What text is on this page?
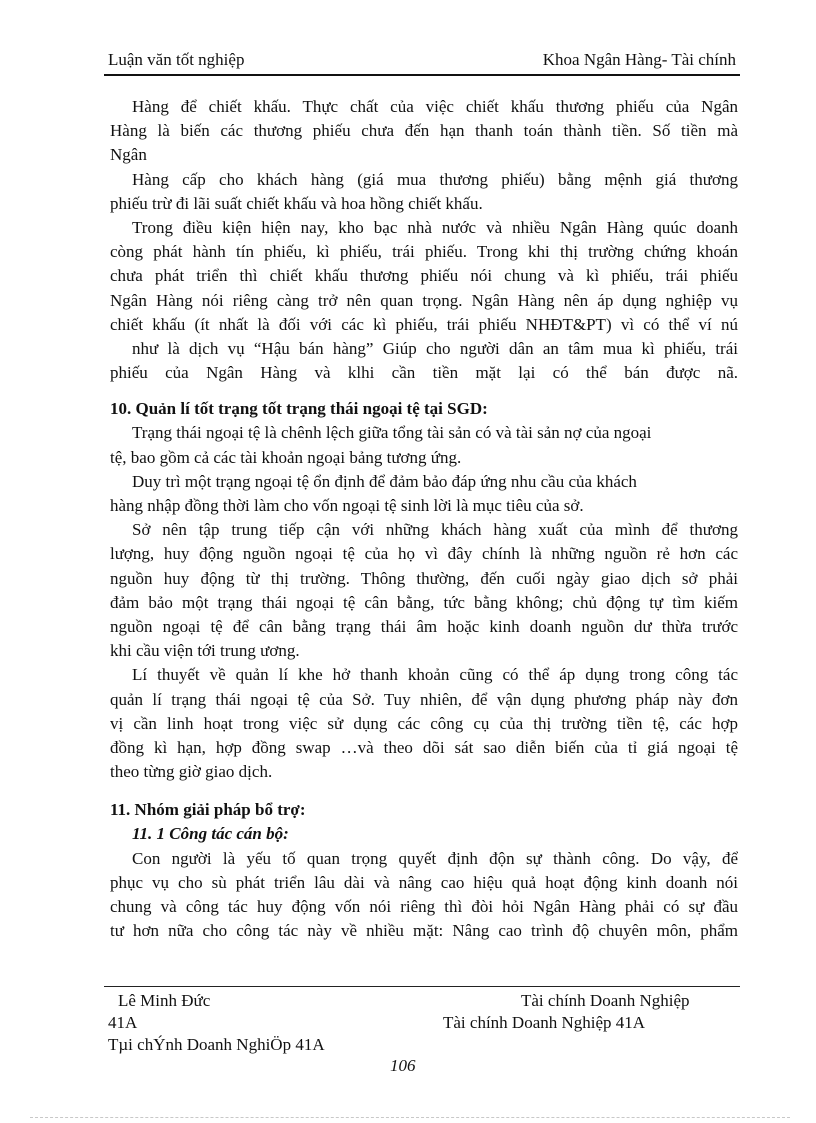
Luận văn tốt nghiệp	Khoa Ngân Hàng- Tài chính
Hàng để chiết khấu. Thực chất của việc chiết khấu thương phiếu của Ngân
Hàng là biến các thương phiếu chưa đến hạn thanh toán thành tiền. Số tiền mà
Ngân
Hàng cấp cho khách hàng (giá mua thương phiếu) bằng mệnh giá thương
phiếu trừ đi lãi suất chiết khấu và hoa hồng chiết khấu.
Trong điều kiện hiện nay, kho bạc nhà nước và nhiều Ngân Hàng quúc doanh
còng phát hành tín phiếu, kì phiếu, trái phiếu. Trong khi thị trường chứng khoán
chưa phát triển thì chiết khấu thương phiếu nói chung và kì phiếu, trái phiếu
Ngân Hàng nói riêng càng trở nên quan trọng. Ngân Hàng nên áp dụng nghiệp vụ
chiết khấu (ít nhất là đối với các kì phiếu, trái phiếu NHĐT&PT) vì có thể ví nú
như là dịch vụ “Hậu bán hàng” Giúp cho người dân an tâm mua kì phiếu, trái
phiếu của Ngân Hàng và klhi cần tiền mặt lại có thể bán được nã.
10. Quản lí tốt trạng tốt trạng thái ngoại tệ tại SGD:
Trạng thái ngoại tệ là chênh lệch giữa tổng tài sản có và tài sản nợ của ngoại
tệ, bao gồm cả các tài khoản ngoại bảng tương ứng.
Duy trì một trạng ngoại tệ ổn định để đảm bảo đáp ứng nhu cầu của khách
hàng nhập đồng thời làm cho vốn ngoại tệ sinh lời là mục tiêu của sở.
Sở nên tập trung tiếp cận với những khách hàng xuất của mình để thương
lượng, huy động nguồn ngoại tệ của họ vì đây chính là những nguồn rẻ hơn các
nguồn huy động từ thị trường. Thông thường, đến cuối ngày giao dịch sở phải
đảm bảo một trạng thái ngoại tệ cân bằng, tức bằng không; chủ động tự tìm kiếm
nguồn ngoại tệ để cân bằng trạng thái âm hoặc kinh doanh nguồn dư thừa trước
khi cầu viện tới trung ương.
Lí thuyết về quản lí khe hở thanh khoản cũng có thể áp dụng trong công tác
quản lí trạng thái ngoại tệ của Sở. Tuy nhiên, để vận dụng phương pháp này đơn
vị cần linh hoạt trong việc sử dụng các công cụ của thị trường tiền tệ, các hợp
đồng kì hạn, hợp đồng swap …và theo dõi sát sao diễn biến của tỉ giá ngoại tệ
theo từng giờ giao dịch.
11. Nhóm giải pháp bổ trợ:
11. 1 Công tác cán bộ:
Con người là yếu tố quan trọng quyết định độn sự thành công. Do vậy, để
phục vụ cho sù phát triển lâu dài và nâng cao hiệu quả hoạt động kinh doanh nói
chung và công tác huy động vốn nói riêng thì đòi hỏi Ngân Hàng phải có sự đầu
tư hơn nữa cho công tác này về nhiều mặt: Nâng cao trình độ chuyên môn, phẩm
Lê Minh Đức	Tài chính Doanh Nghiệp
41A	Tài chính Doanh Nghiệp 41A
Tµi chÝnh Doanh NghiÖp 41A
106
